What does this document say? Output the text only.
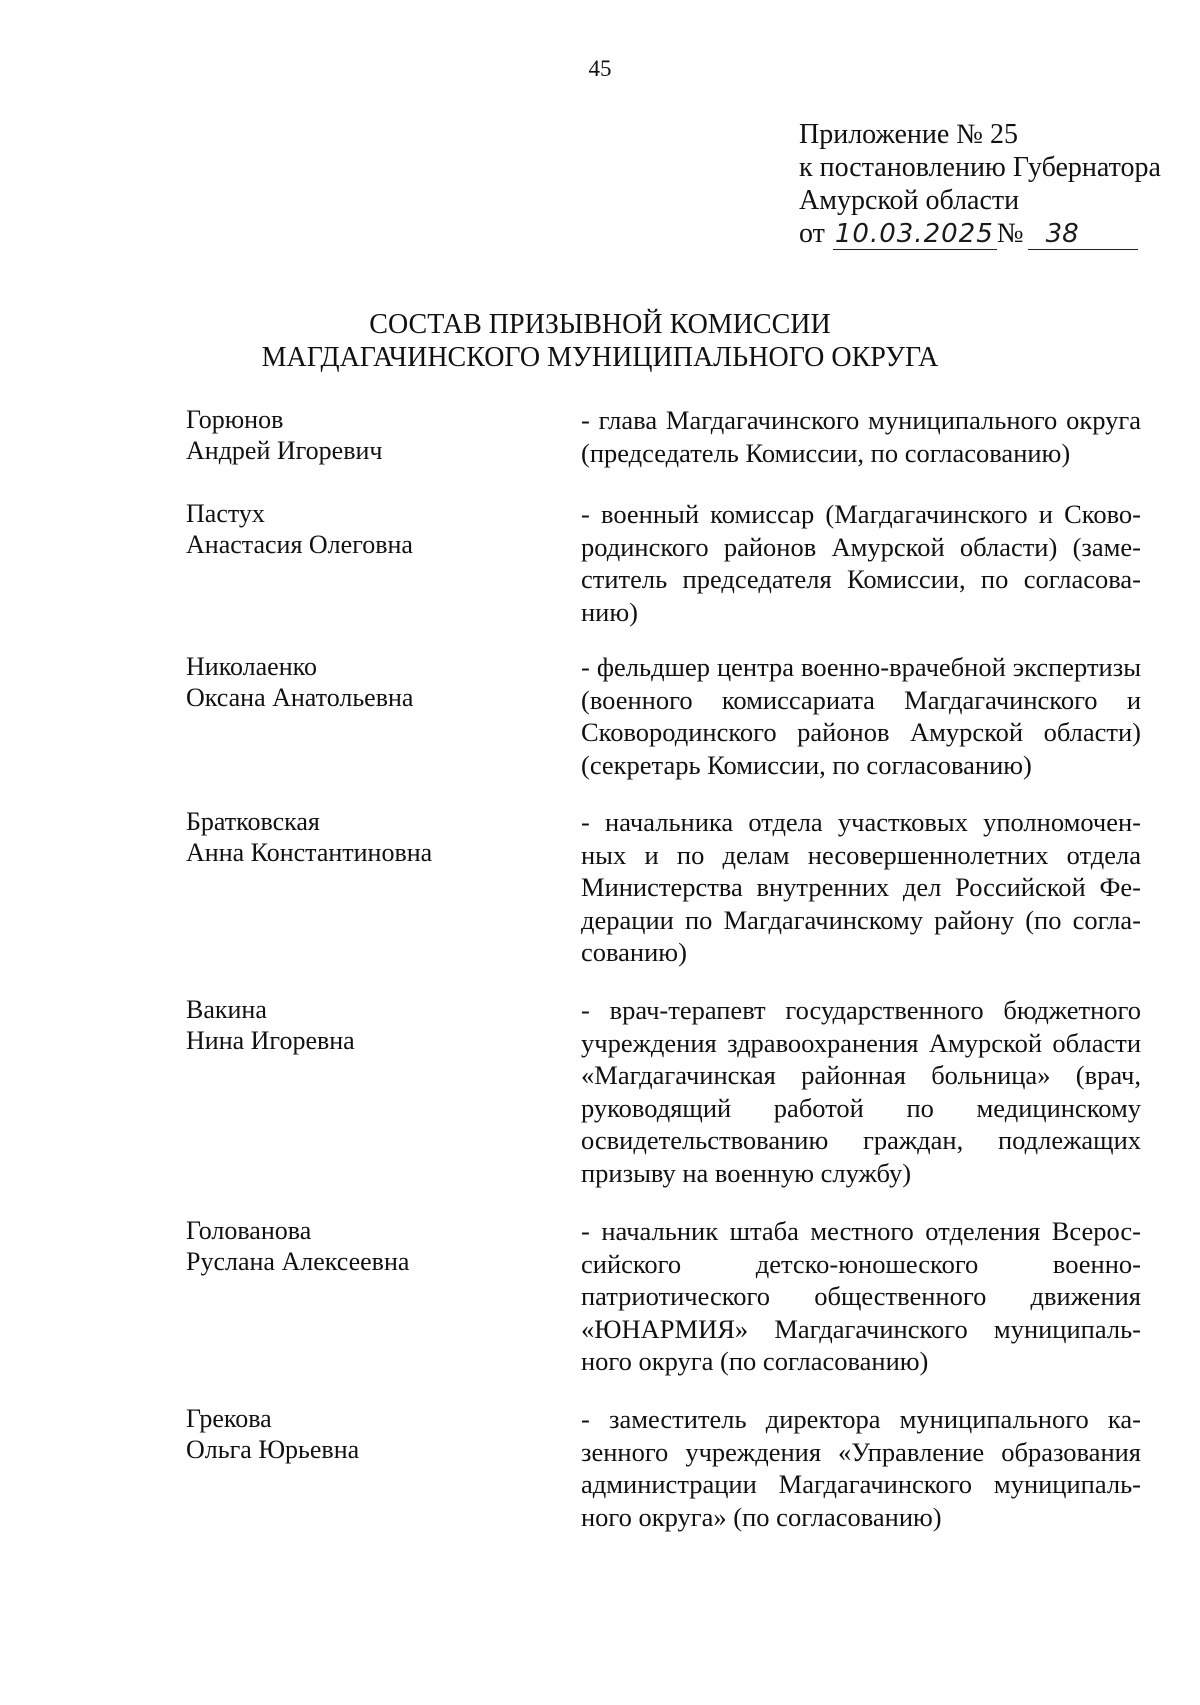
45
Приложение № 25
к постановлению Губернатора
Амурской области
от 10.03.2025 № 38
СОСТАВ ПРИЗЫВНОЙ КОМИССИИ
МАГДАГАЧИНСКОГО МУНИЦИПАЛЬНОГО ОКРУГА
Горюнов
Андрей Игоревич
- глава Магдагачинского муниципального округа (председатель Комиссии, по согласованию)
Пастух
Анастасия Олеговна
- военный комиссар (Магдагачинского и Сковородинского районов Амурской области) (заместитель председателя Комиссии, по согласованию)
Николаенко
Оксана Анатольевна
- фельдшер центра военно-врачебной экспертизы (военного комиссариата Магдагачинского и Сковородинского районов Амурской области) (секретарь Комиссии, по согласованию)
Братковская
Анна Константиновна
- начальника отдела участковых уполномоченных и по делам несовершеннолетних отдела Министерства внутренних дел Российской Федерации по Магдагачинскому району (по согласованию)
Вакина
Нина Игоревна
- врач-терапевт государственного бюджетного учреждения здравоохранения Амурской области «Магдагачинская районная больница» (врач, руководящий работой по медицинскому освидетельствованию граждан, подлежащих призыву на военную службу)
Голованова
Руслана Алексеевна
- начальник штаба местного отделения Всероссийского детско-юношеского военно-патриотического общественного движения «ЮНАРМИЯ» Магдагачинского муниципального округа (по согласованию)
Грекова
Ольга Юрьевна
- заместитель директора муниципального казенного учреждения «Управление образования администрации Магдагачинского муниципального округа» (по согласованию)
